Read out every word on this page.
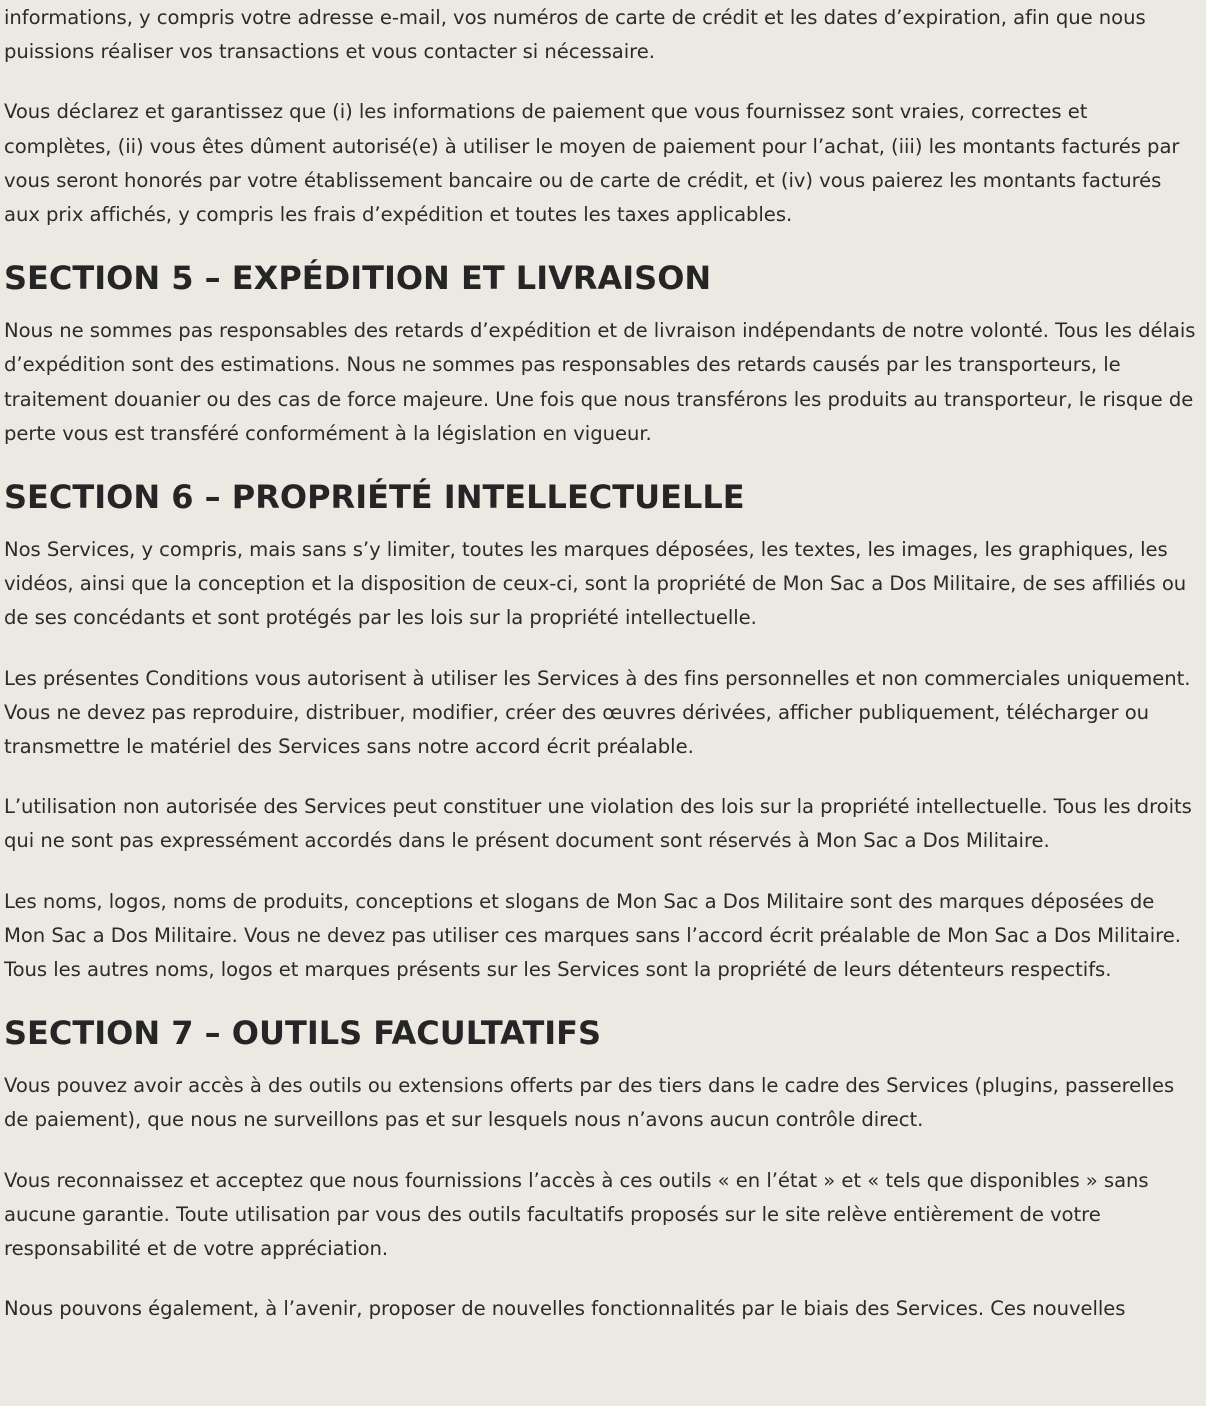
informations, y compris votre adresse e-mail, vos numéros de carte de crédit et les dates d’expiration, afin que nous puissions réaliser vos transactions et vous contacter si nécessaire.

Vous déclarez et garantissez que (i) les informations de paiement que vous fournissez sont vraies, correctes et complètes, (ii) vous êtes dûment autorisé(e) à utiliser le moyen de paiement pour l’achat, (iii) les montants facturés par vous seront honorés par votre établissement bancaire ou de carte de crédit, et (iv) vous paierez les montants facturés aux prix affichés, y compris les frais d’expédition et toutes les taxes applicables.

SECTION 5 – EXPÉDITION ET LIVRAISON

Nous ne sommes pas responsables des retards d’expédition et de livraison indépendants de notre volonté. Tous les délais d’expédition sont des estimations. Nous ne sommes pas responsables des retards causés par les transporteurs, le traitement douanier ou des cas de force majeure. Une fois que nous transférons les produits au transporteur, le risque de perte vous est transféré conformément à la législation en vigueur.

SECTION 6 – PROPRIÉTÉ INTELLECTUELLE

Nos Services, y compris, mais sans s’y limiter, toutes les marques déposées, les textes, les images, les graphiques, les vidéos, ainsi que la conception et la disposition de ceux-ci, sont la propriété de Mon Sac a Dos Militaire, de ses affiliés ou de ses concédants et sont protégés par les lois sur la propriété intellectuelle.

Les présentes Conditions vous autorisent à utiliser les Services à des fins personnelles et non commerciales uniquement. Vous ne devez pas reproduire, distribuer, modifier, créer des œuvres dérivées, afficher publiquement, télécharger ou transmettre le matériel des Services sans notre accord écrit préalable.

L’utilisation non autorisée des Services peut constituer une violation des lois sur la propriété intellectuelle. Tous les droits qui ne sont pas expressément accordés dans le présent document sont réservés à Mon Sac a Dos Militaire.

Les noms, logos, noms de produits, conceptions et slogans de Mon Sac a Dos Militaire sont des marques déposées de Mon Sac a Dos Militaire. Vous ne devez pas utiliser ces marques sans l’accord écrit préalable de Mon Sac a Dos Militaire. Tous les autres noms, logos et marques présents sur les Services sont la propriété de leurs détenteurs respectifs.

SECTION 7 – OUTILS FACULTATIFS

Vous pouvez avoir accès à des outils ou extensions offerts par des tiers dans le cadre des Services (plugins, passerelles de paiement), que nous ne surveillons pas et sur lesquels nous n’avons aucun contrôle direct.

Vous reconnaissez et acceptez que nous fournissions l’accès à ces outils « en l’état » et « tels que disponibles » sans aucune garantie. Toute utilisation par vous des outils facultatifs proposés sur le site relève entièrement de votre responsabilité et de votre appréciation.

Nous pouvons également, à l’avenir, proposer de nouvelles fonctionnalités par le biais des Services. Ces nouvelles
